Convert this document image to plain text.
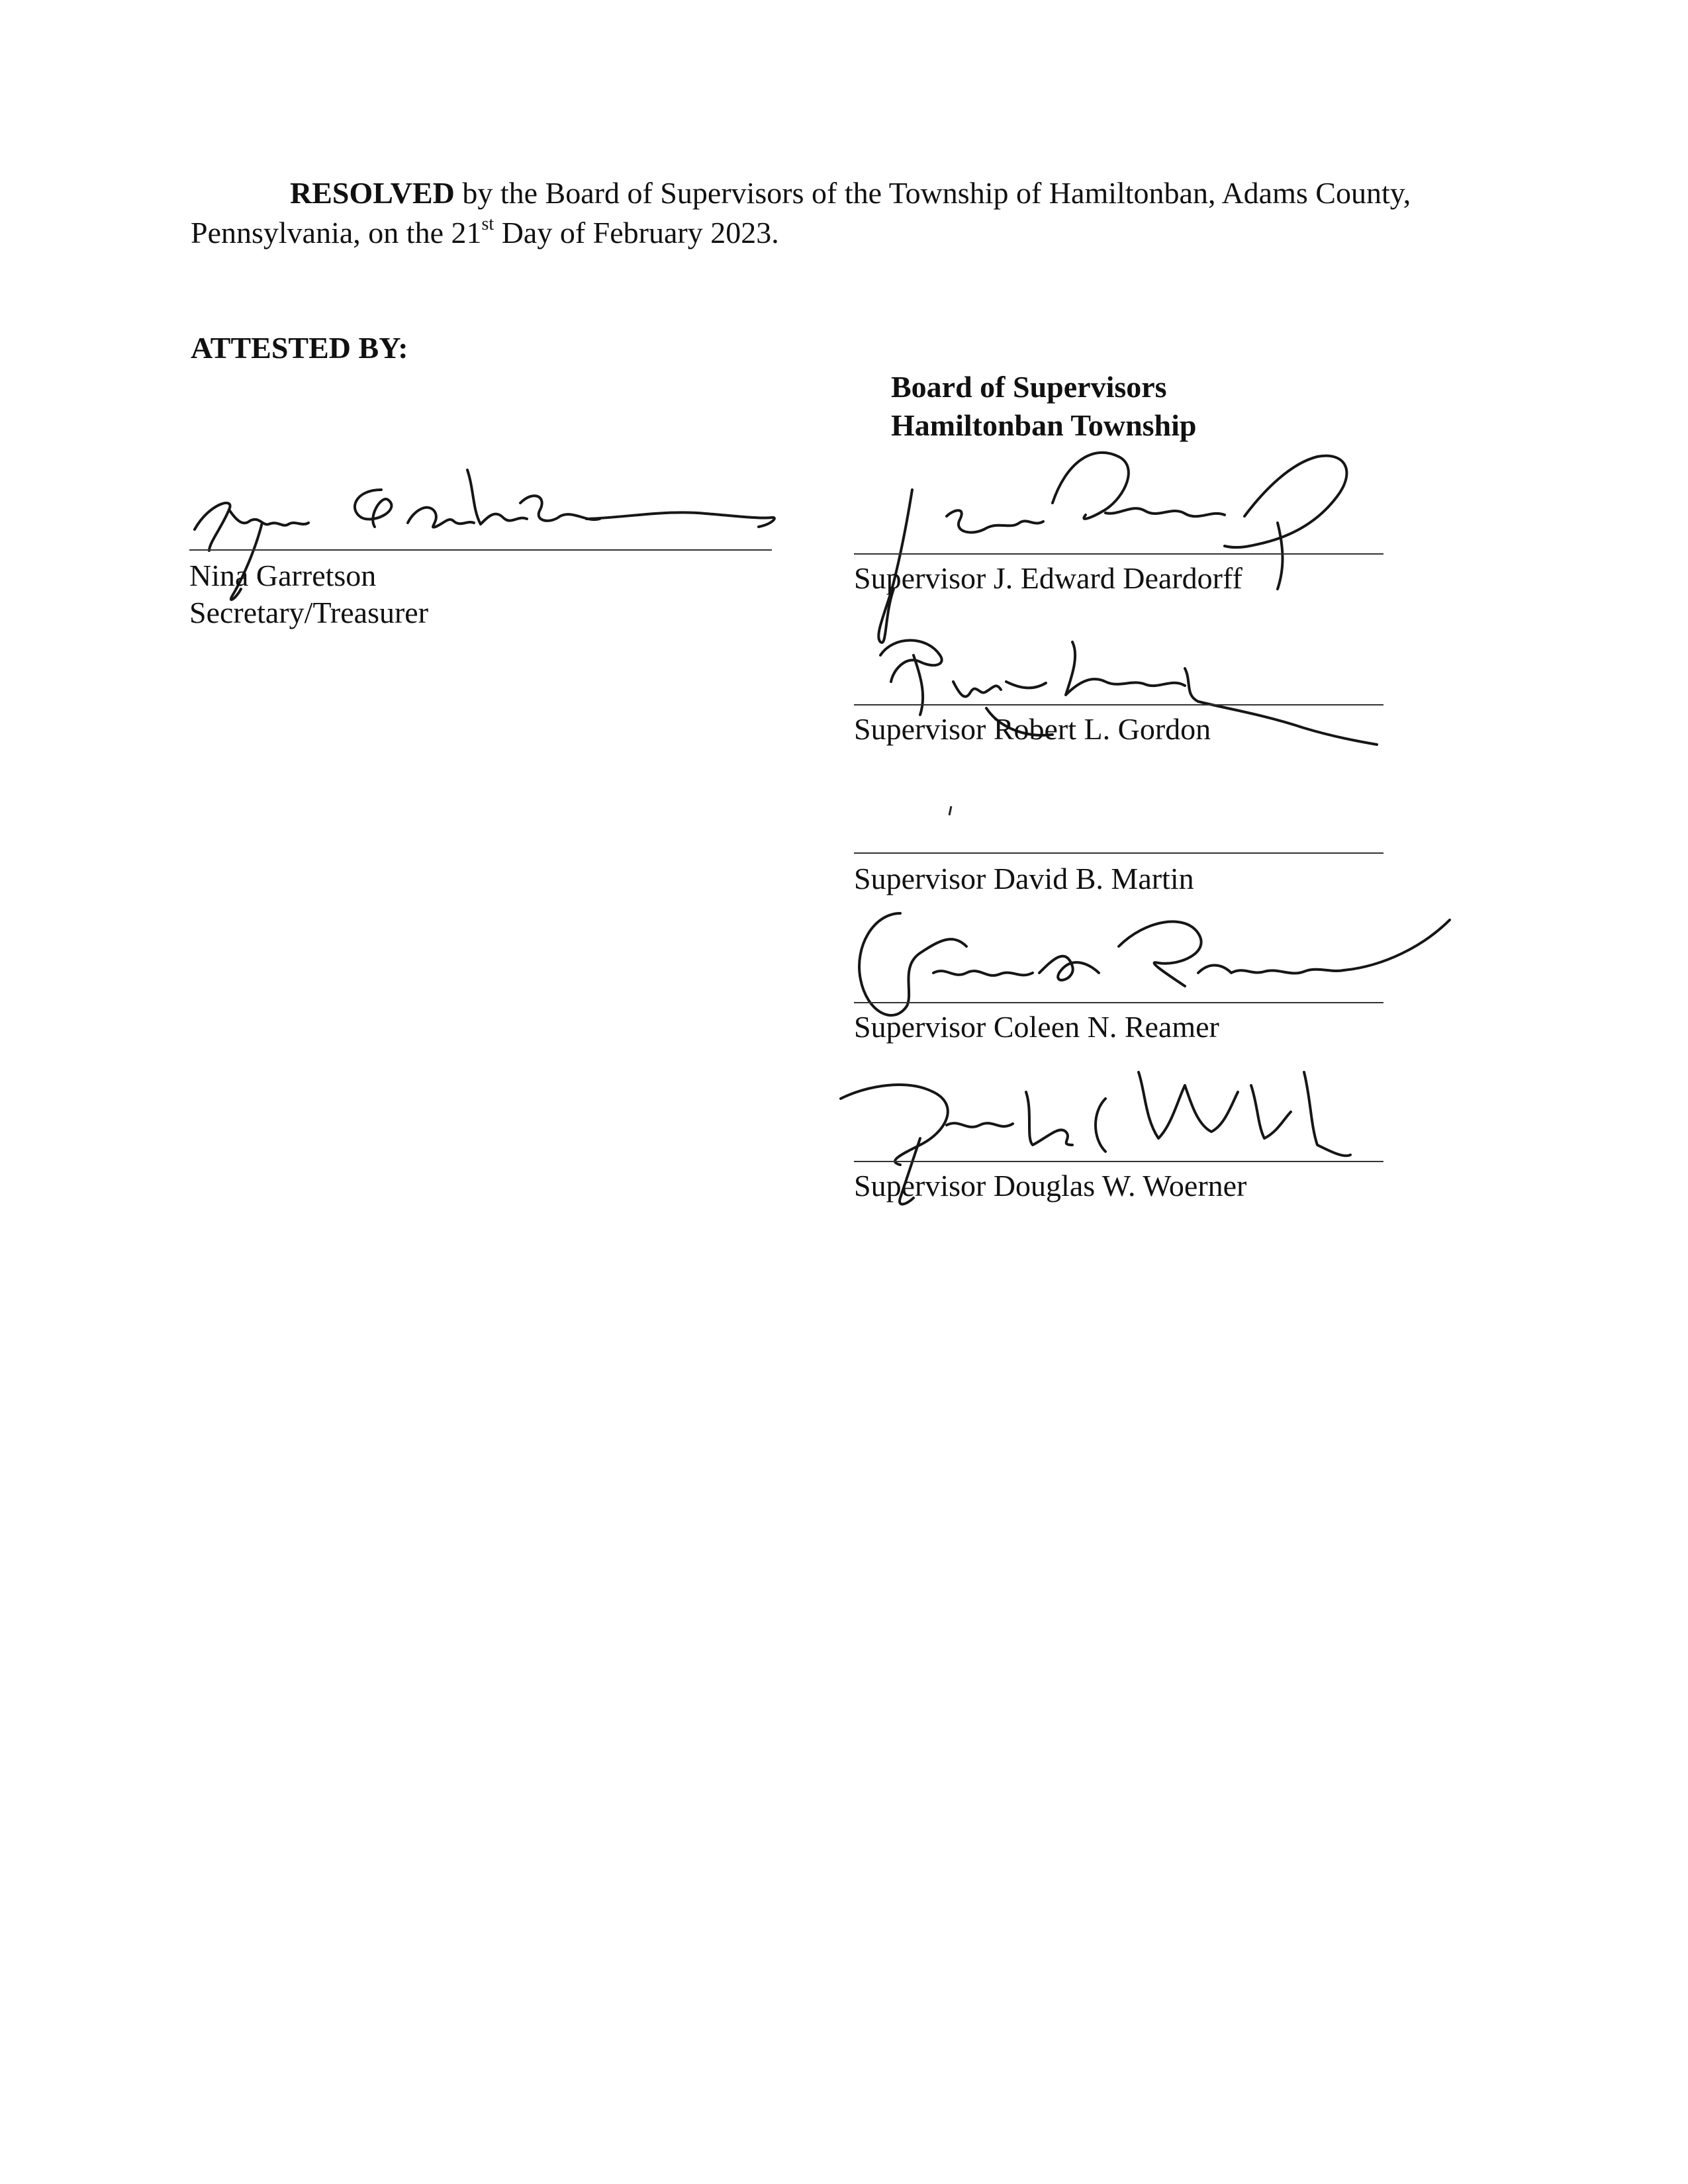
RESOLVED by the Board of Supervisors of the Township of Hamiltonban, Adams County, Pennsylvania, on the 21st Day of February 2023.
ATTESTED BY:
Board of Supervisors
Hamiltonban Township
Nina Garretson
Secretary/Treasurer
Supervisor J. Edward Deardorff
Supervisor Robert L. Gordon
Supervisor David B. Martin
Supervisor Coleen N. Reamer
Supervisor Douglas W. Woerner
